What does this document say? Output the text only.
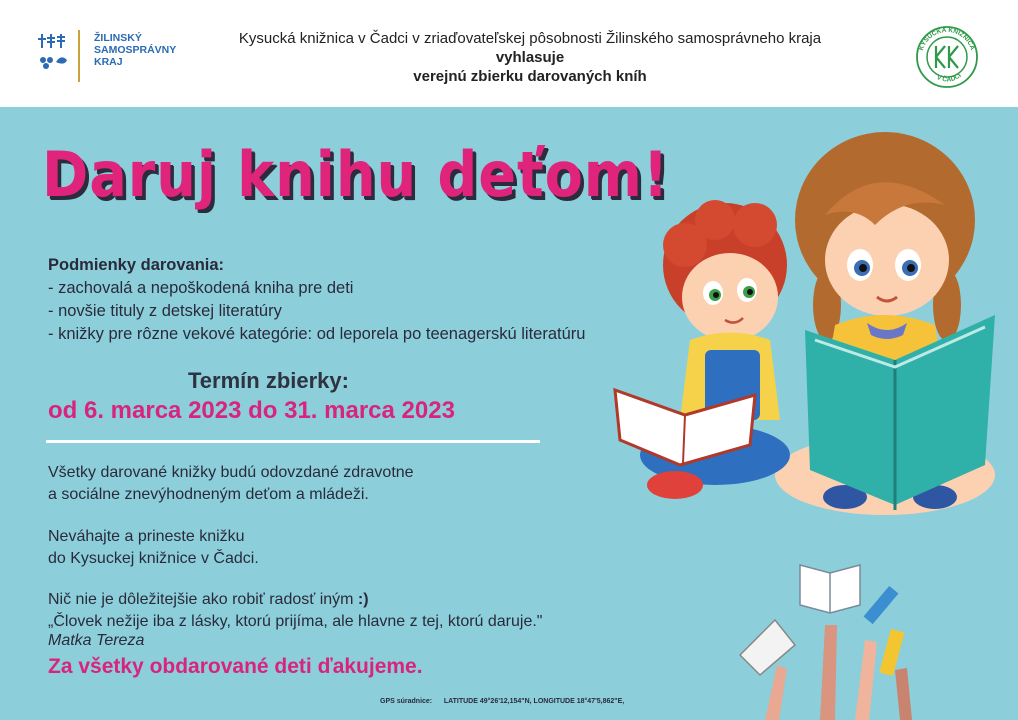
ŽILINSKÝ
SAMOSPRÁVNY
KRAJ
Kysucká knižnica v Čadci v zriaďovateľskej pôsobnosti Žilinského samosprávneho kraja
vyhlasuje
verejnú zbierku darovaných kníh
KYSUCKÁ KNIŽNICA
V ČADCI
Daruj knihu deťom!
Podmienky darovania:
- zachovalá a nepoškodená kniha pre deti
- novšie tituly z detskej literatúry
- knižky pre rôzne vekové kategórie: od leporela po teenagerskú literatúru
Termín zbierky:
od 6. marca 2023 do 31. marca 2023
Všetky darované knižky budú odovzdané zdravotne
a sociálne znevýhodneným deťom a mládeži.
Neváhajte a prineste knižku
do Kysuckej knižnice v Čadci.
Nič nie je dôležitejšie ako robiť radosť iným :)
„Človek nežije iba z lásky, ktorú prijíma, ale hlavne z tej, ktorú daruje."
Matka Tereza
Za všetky obdarované deti ďakujeme.
GPS súradnice: LATITUDE 49°26'12,154"N, LONGITUDE 18°47'5,862"E,
